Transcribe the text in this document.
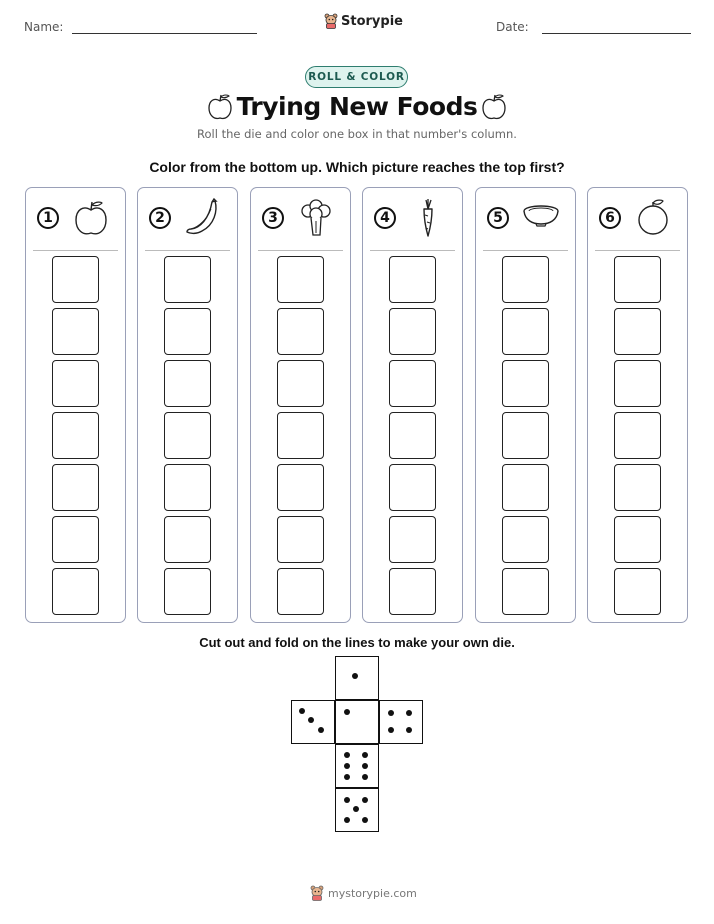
Name:	Storypie	Date:
ROLL & COLOR
Trying New Foods
Roll the die and color one box in that number's column.
Color from the bottom up. Which picture reaches the top first?
1	2	3	4	5	6
Cut out and fold on the lines to make your own die.
mystorypie.com
